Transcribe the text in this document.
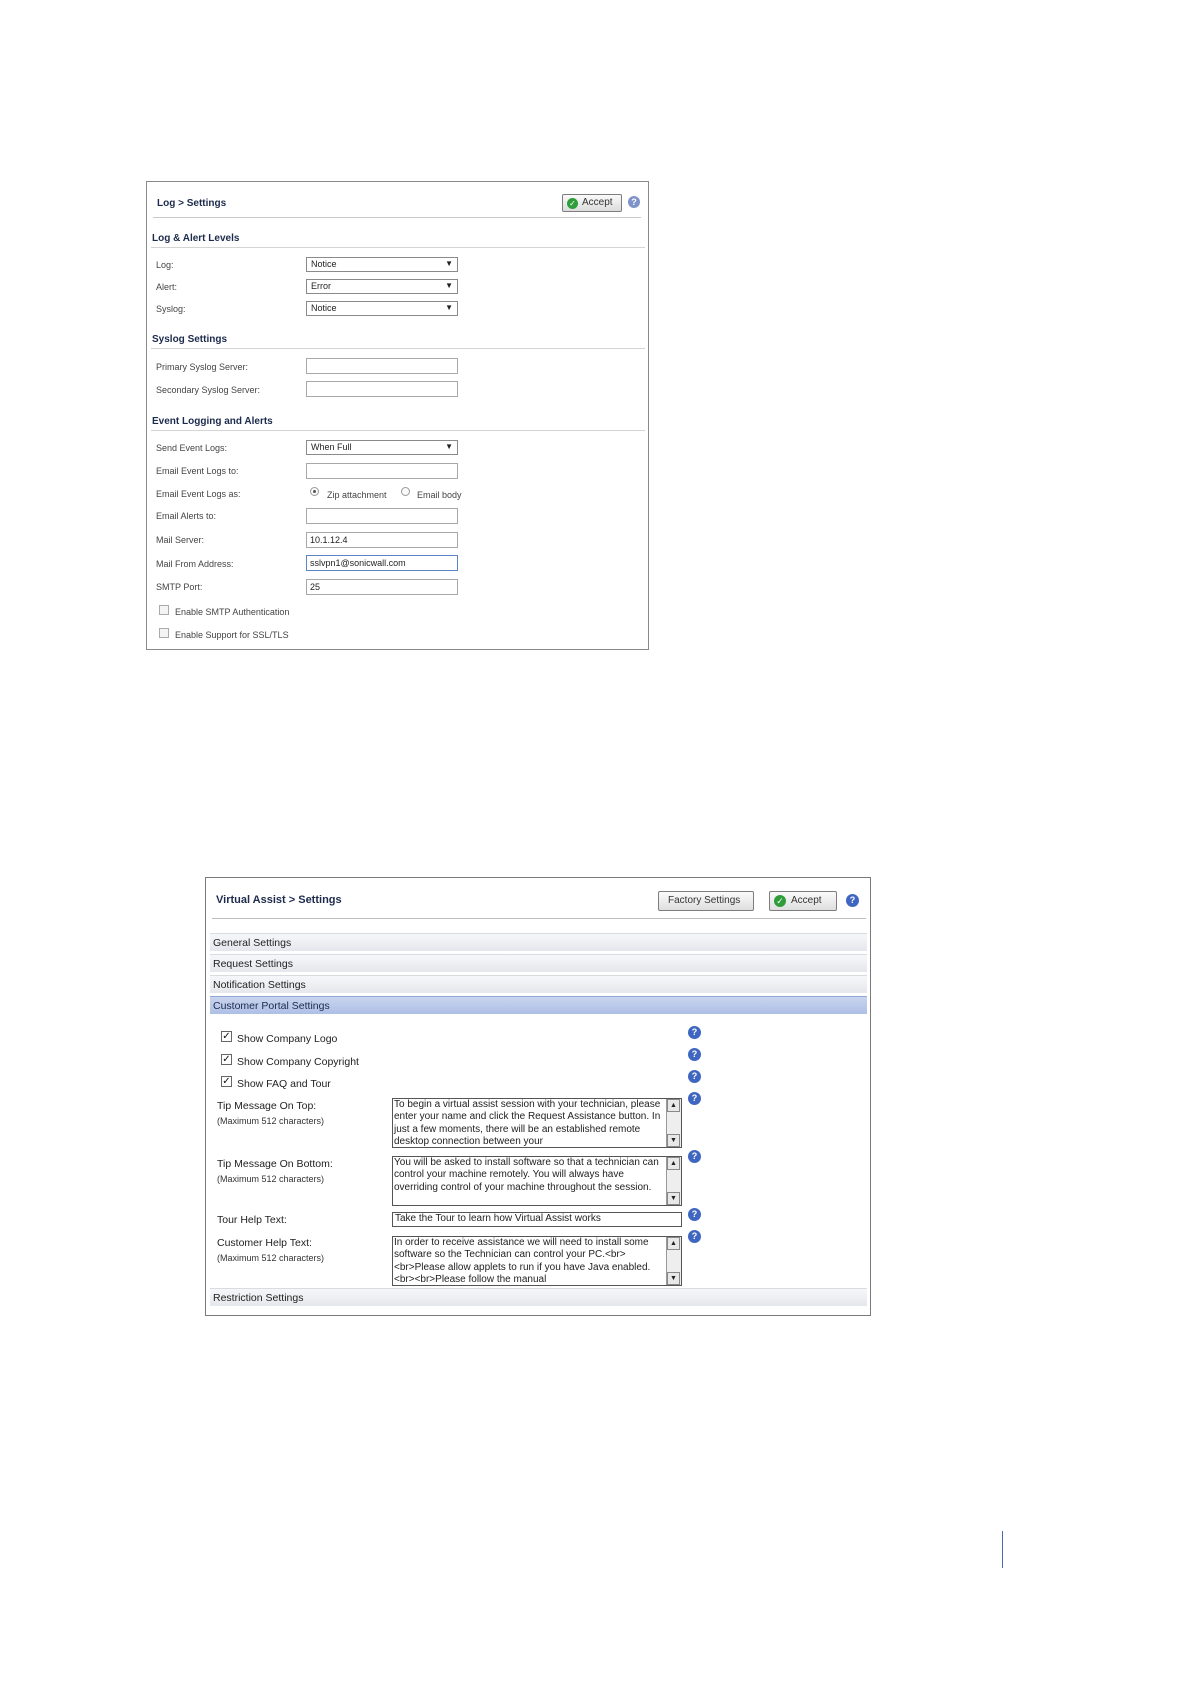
Log > Settings	✓ Accept	?
Log & Alert Levels
Log:	Notice	▼
Alert:	Error	▼
Syslog:	Notice	▼
Syslog Settings
Primary Syslog Server:
Secondary Syslog Server:
Event Logging and Alerts
Send Event Logs:	When Full	▼
Email Event Logs to:
Email Event Logs as:	Zip attachment	Email body
Email Alerts to:
Mail Server:	10.1.12.4
Mail From Address:	sslvpn1@sonicwall.com
SMTP Port:	25
Enable SMTP Authentication
Enable Support for SSL/TLS
Virtual Assist > Settings	Factory Settings	✓ Accept	?
General Settings
Request Settings
Notification Settings
Customer Portal Settings
✓ Show Company Logo
?
✓ Show Company Copyright
?
✓ Show FAQ and Tour
?
Tip Message On Top:
(Maximum 512 characters)
To begin a virtual assist session with your technician, please enter your name and click the Request Assistance button. In just a few moments, there will be an established remote desktop connection between your
▲
▼
?
Tip Message On Bottom:
(Maximum 512 characters)
You will be asked to install software so that a technician can control your machine remotely. You will always have overriding control of your machine throughout the session.
▲
▼
?
Tour Help Text:	Take the Tour to learn how Virtual Assist works	?
Customer Help Text:
(Maximum 512 characters)
In order to receive assistance we will need to install some software so the Technician can control your PC.<br><br>Please allow applets to run if you have Java enabled.<br><br>Please follow the manual
▲
▼
?
Restriction Settings
